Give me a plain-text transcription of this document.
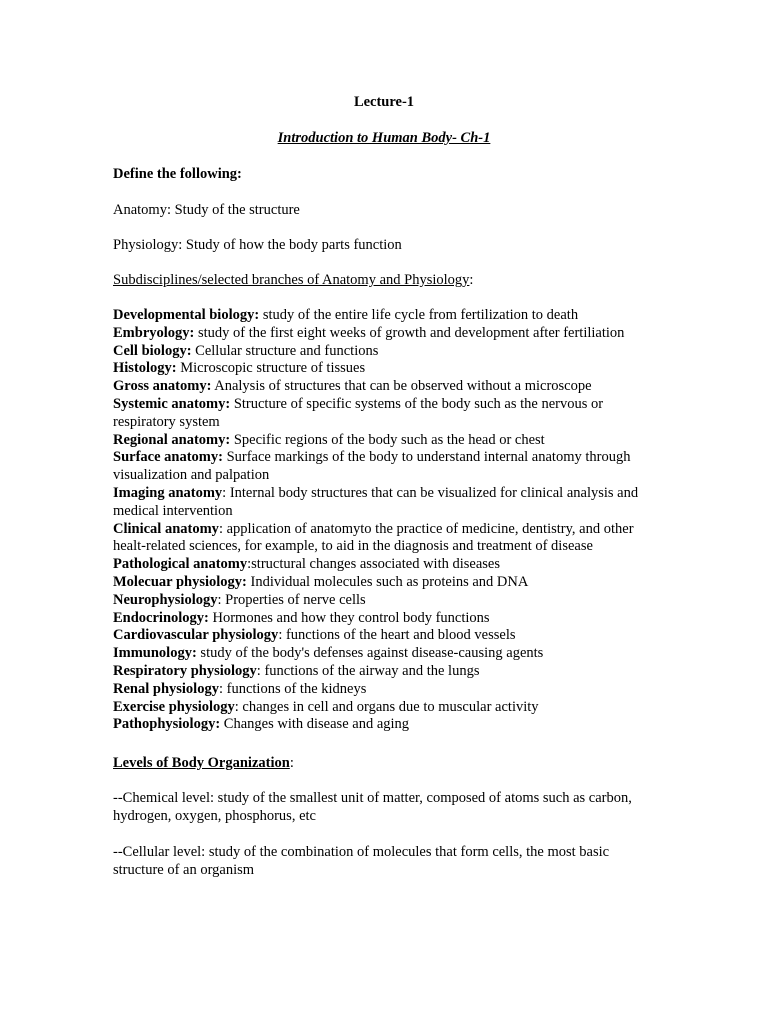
Lecture-1
Introduction to Human Body- Ch-1
Define the following:
Anatomy: Study of the structure
Physiology: Study of how the body parts function
Subdisciplines/selected branches of Anatomy and Physiology:
Developmental biology: study of the entire life cycle from fertilization to death
Embryology: study of the first eight weeks of growth and development after fertiliation
Cell biology: Cellular structure and functions
Histology: Microscopic structure of tissues
Gross anatomy: Analysis of structures that can be observed without a microscope
Systemic anatomy: Structure of specific systems of the body such as the nervous or respiratory system
Regional anatomy: Specific regions of the body such as the head or chest
Surface anatomy: Surface markings of the body to understand internal anatomy through visualization and palpation
Imaging anatomy: Internal body structures that can be visualized for clinical analysis and medical intervention
Clinical anatomy: application of anatomyto the practice of medicine, dentistry, and other healt-related sciences, for example, to aid in the diagnosis and treatment of disease
Pathological anatomy:structural changes associated with diseases
Molecuar physiology: Individual molecules such as proteins and DNA
Neurophysiology: Properties of nerve cells
Endocrinology: Hormones and how they control body functions
Cardiovascular physiology: functions of the heart and blood vessels
Immunology: study of the body's defenses against disease-causing agents
Respiratory physiology: functions of the airway and the lungs
Renal physiology: functions of the kidneys
Exercise physiology: changes in cell and organs due to muscular activity
Pathophysiology: Changes with disease and aging
Levels of Body Organization:
--Chemical level: study of the smallest unit of matter, composed of atoms such as carbon, hydrogen, oxygen, phosphorus, etc
--Cellular level: study of the combination of molecules that form cells, the most basic structure of an organism
